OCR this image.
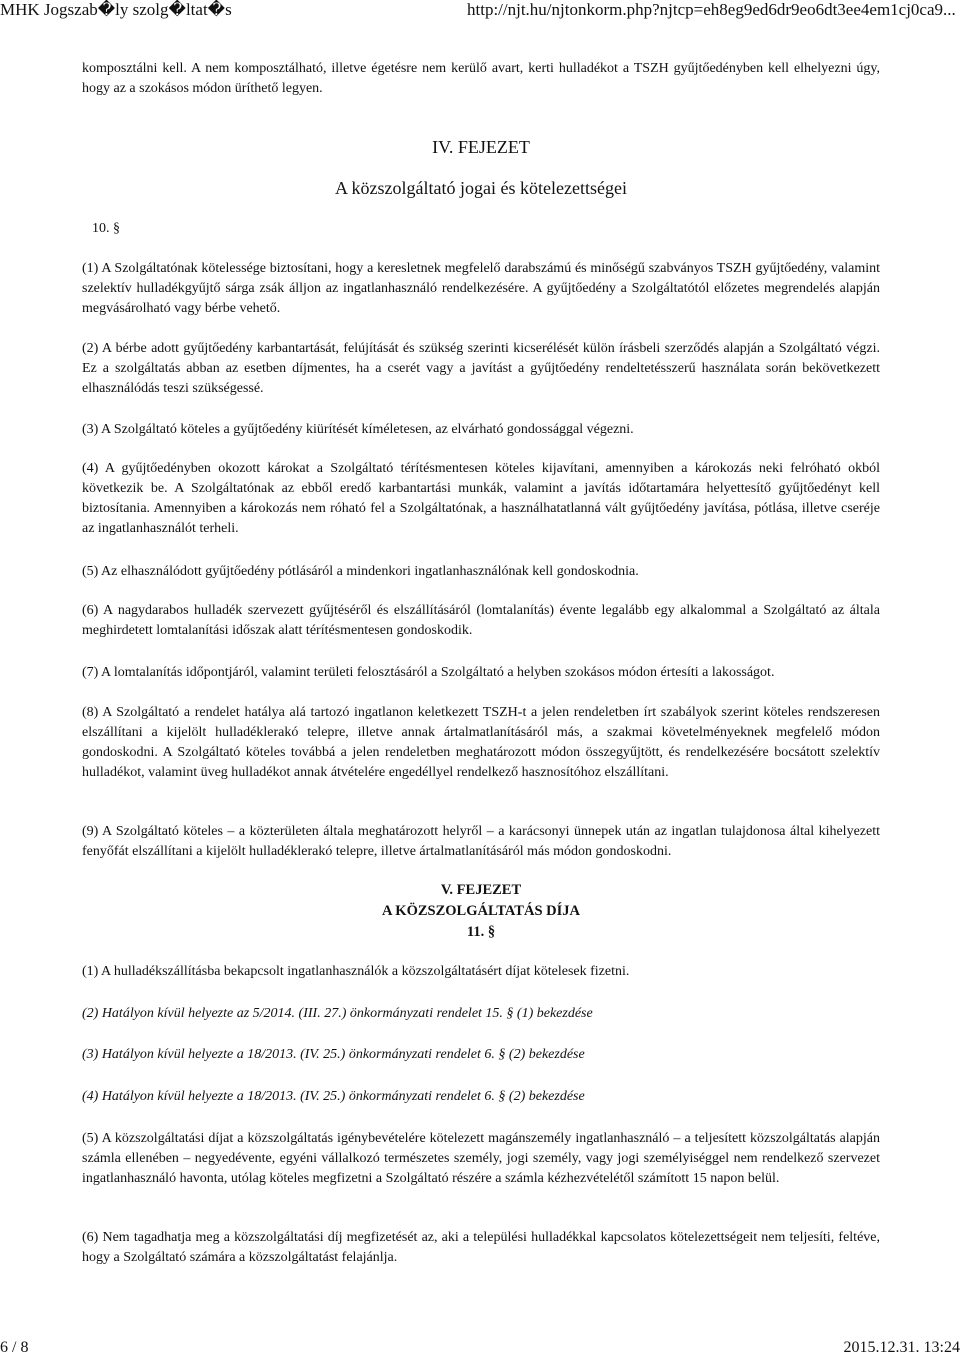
MHK Jogszab�ly szolg�ltat�s	http://njt.hu/njtonkorm.php?njtcp=eh8eg9ed6dr9eo6dt3ee4em1cj0ca9...
komposztálni kell. A nem komposztálható, illetve égetésre nem kerülő avart, kerti hulladékot a TSZH gyűjtőedényben kell elhelyezni úgy, hogy az a szokásos módon üríthető legyen.
IV. FEJEZET
A közszolgáltató jogai és kötelezettségei
10. §
(1) A Szolgáltatónak kötelessége biztosítani, hogy a keresletnek megfelelő darabszámú és minőségű szabványos TSZH gyűjtőedény, valamint szelektív hulladékgyűjtő sárga zsák álljon az ingatlanhasználó rendelkezésére. A gyűjtőedény a Szolgáltatótól előzetes megrendelés alapján megvásárolható vagy bérbe vehető.
(2) A bérbe adott gyűjtőedény karbantartását, felújítását és szükség szerinti kicserélését külön írásbeli szerződés alapján a Szolgáltató végzi. Ez a szolgáltatás abban az esetben díjmentes, ha a cserét vagy a javítást a gyűjtőedény rendeltetésszerű használata során bekövetkezett elhasználódás teszi szükségessé.
(3) A Szolgáltató köteles a gyűjtőedény kiürítését kíméletesen, az elvárható gondossággal végezni.
(4) A gyűjtőedényben okozott károkat a Szolgáltató térítésmentesen köteles kijavítani, amennyiben a károkozás neki felróható okból következik be. A Szolgáltatónak az ebből eredő karbantartási munkák, valamint a javítás időtartamára helyettesítő gyűjtőedényt kell biztosítania. Amennyiben a károkozás nem róható fel a Szolgáltatónak, a használhatatlanná vált gyűjtőedény javítása, pótlása, illetve cseréje az ingatlanhasználót terheli.
(5) Az elhasználódott gyűjtőedény pótlásáról a mindenkori ingatlanhasználónak kell gondoskodnia.
(6) A nagydarabos hulladék szervezett gyűjtéséről és elszállításáról (lomtalanítás) évente legalább egy alkalommal a Szolgáltató az általa meghirdetett lomtalanítási időszak alatt térítésmentesen gondoskodik.
(7) A lomtalanítás időpontjáról, valamint területi felosztásáról a Szolgáltató a helyben szokásos módon értesíti a lakosságot.
(8) A Szolgáltató a rendelet hatálya alá tartozó ingatlanon keletkezett TSZH-t a jelen rendeletben írt szabályok szerint köteles rendszeresen elszállítani a kijelölt hulladéklerakó telepre, illetve annak ártalmatlanításáról más, a szakmai követelményeknek megfelelő módon gondoskodni. A Szolgáltató köteles továbbá a jelen rendeletben meghatározott módon összegyűjtött, és rendelkezésére bocsátott szelektív hulladékot, valamint üveg hulladékot annak átvételére engedéllyel rendelkező hasznosítóhoz elszállítani.
(9) A Szolgáltató köteles – a közterületen általa meghatározott helyről – a karácsonyi ünnepek után az ingatlan tulajdonosa által kihelyezett fenyőfát elszállítani a kijelölt hulladéklerakó telepre, illetve ártalmatlanításáról más módon gondoskodni.
V. FEJEZET
A KÖZSZOLGÁLTATÁS DÍJA
11. §
(1) A hulladékszállításba bekapcsolt ingatlanhasználók a közszolgáltatásért díjat kötelesek fizetni.
(2) Hatályon kívül helyezte az 5/2014. (III. 27.) önkormányzati rendelet 15. § (1) bekezdése
(3) Hatályon kívül helyezte a 18/2013. (IV. 25.) önkormányzati rendelet 6. § (2) bekezdése
(4) Hatályon kívül helyezte a 18/2013. (IV. 25.) önkormányzati rendelet 6. § (2) bekezdése
(5) A közszolgáltatási díjat a közszolgáltatás igénybevételére kötelezett magánszemély ingatlanhasználó – a teljesített közszolgáltatás alapján számla ellenében – negyedévente, egyéni vállalkozó természetes személy, jogi személy, vagy jogi személyiséggel nem rendelkező szervezet ingatlanhasználó havonta, utólag köteles megfizetni a Szolgáltató részére a számla kézhezvételétől számított 15 napon belül.
(6) Nem tagadhatja meg a közszolgáltatási díj megfizetését az, aki a települési hulladékkal kapcsolatos kötelezettségeit nem teljesíti, feltéve, hogy a Szolgáltató számára a közszolgáltatást felajánlja.
6 / 8	2015.12.31. 13:24
